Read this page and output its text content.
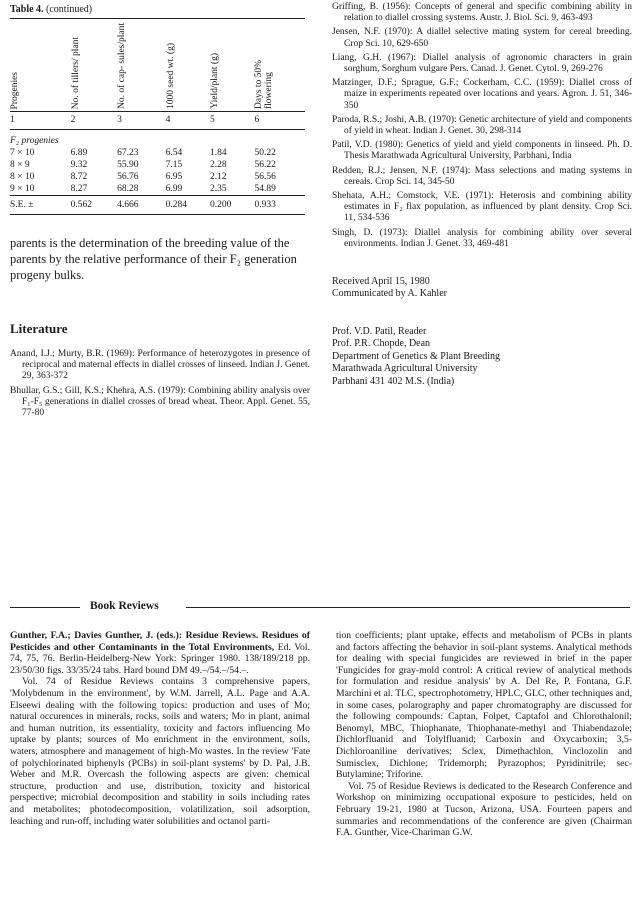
Table 4. (continued)
Progenies	No. of tillers/ plant	No. of cap- sules/plant	1000 seed wt. (g)	Yield/plant (g)	Days to 50% flowering

1	2	3	4	5	6
F₂ progenies					
7 × 10	6.89	67.23	6.54	1.84	50.22
8 × 9	9.32	55.90	7.15	2.28	56.22
8 × 10	8.72	56.76	6.95	2.12	56.56
9 × 10	8.27	68.28	6.99	2.35	54.89
S.E. ±	0.562	4.666	0.284	0.200	0.933

parents is the determination of the breeding value of the parents by the relative performance of their F₂ generation progeny bulks.

Literature
Anand, I.J.; Murty, B.R. (1969): Performance of heterozygotes in presence of reciprocal and maternal effects in diallel crosses of linseed. Indian J. Genet. 29, 363-372
Bhullar, G.S.; Gill, K.S.; Khehra, A.S. (1979): Combining ability analysis over F₁-F₅ generations in diallel crosses of bread wheat. Theor. Appl. Genet. 55, 77-80
Griffing, B. (1956): Concepts of general and specific combining ability in relation to diallel crossing systems. Austr. J. Biol. Sci. 9, 463-493
Jensen, N.F. (1970): A diallel selective mating system for cereal breeding. Crop Sci. 10, 629-650
Liang, G.H. (1967): Diallel analysis of agronomic characters in grain sorghum, Sorghum vulgare Pers. Canad. J. Genet. Cytol. 9, 269-276
Matzinger, D.F.; Sprague, G.F.; Cockerham, C.C. (1959): Diallel cross of maize in experiments repeated over locations and years. Agron. J. 51, 346-350
Paroda, R.S.; Joshi, A.B. (1970): Genetic architecture of yield and components of yield in wheat. Indian J. Genet. 30, 298-314
Patil, V.D. (1980): Genetics of yield and yield components in linseed. Ph. D. Thesis Marathwada Agricultural University, Parbhani, India
Redden, R.J.; Jensen, N.F. (1974): Mass selections and mating systems in cereals. Crop Sci. 14, 345-50
Shehata, A.H.; Comstock, V.E. (1971): Heterosis and combining ability estimates in F₂ flax population, as influenced by plant density. Crop Sci. 11, 534-536
Singh, D. (1973): Diallel analysis for combining ability over several environments. Indian J. Genet. 33, 469-481
Received April 15, 1980
Communicated by A. Kahler
Prof. V.D. Patil, Reader
Prof. P.R. Chopde, Dean
Department of Genetics & Plant Breeding
Marathwada Agricultural University
Parbhani 431 402 M.S. (India)
Book Reviews

Gunther, F.A.; Davies Gunther, J. (eds.): Residue Reviews. Residues of Pesticides and other Contaminants in the Total Environments, Ed. Vol. 74, 75, 76. Berlin-Heidelberg-New York: Springer 1980. 138/189/218 pp. 23/50/30 figs. 33/35/24 tabs. Hard bound DM 49.–/54.–/54.–.

Vol. 74 of Residue Reviews contains 3 comprehensive papers, 'Molybdenum in the environment', by W.M. Jarrell, A.L. Page and A.A. Elseewi dealing with the following topics: production and uses of Mo; natural occurences in minerals, rocks, soils and waters; Mo in plant, animal and human nutrition, its essentiality, toxicity and factors influencing Mo uptake by plants; sources of Mo enrichment in the environment, soils, waters, atmosphere and management of high-Mo wastes. In the review 'Fate of polychlorinated biphenyls (PCBs) in soil-plant systems' by D. Pal, J.B. Weber and M.R. Overcash the following aspects are given: chemical structure, production and use, distribution, toxicity and historical perspective; microbial decomposition and stability in soils including rates and metabolites; photodecomposition, volatilization, soil adsorption, leaching and run-off, including water solubilities and octanol parti-

tion coefficients; plant uptake, effects and metabolism of PCBs in plants and factors affecting the behavior in soil-plant systems. Analytical methods for dealing with special fungicides are reviewed in brief in the paper 'Fungicides for gray-mold control: A critical review of analytical methods for formulation and residue analysis' by A. Del Re, P. Fontana, G.F. Marchini et al. TLC, spectrophotometry, HPLC, GLC, other techniques and, in some cases, polarography and paper chromatography are discussed for the following compounds: Captan, Folpet, Captafol and Chlorothalonil; Benomyl, MBC, Thiophanate, Thiophanate-methyl and Thiabendazole; Dichlorfluanid and Tolylfluanid; Carboxin and Oxycarboxin; 3,5-Dichloroaniline derivatives; Sclex, Dimethachlon, Vinclozolin and Sumisclex, Dichlone; Tridemorph; Pyrazophos; Pyridinitrile; sec-Butylamine; Triforine.

Vol. 75 of Residue Reviews is dedicated to the Research Conference and Workshop on minimizing occupational exposure to pesticides, held on February 19-21, 1980 at Tucson, Arizona, USA. Fourteen papers and summaries and recommendations of the conference are given (Chairman F.A. Gunther, Vice-Chariman G.W.
